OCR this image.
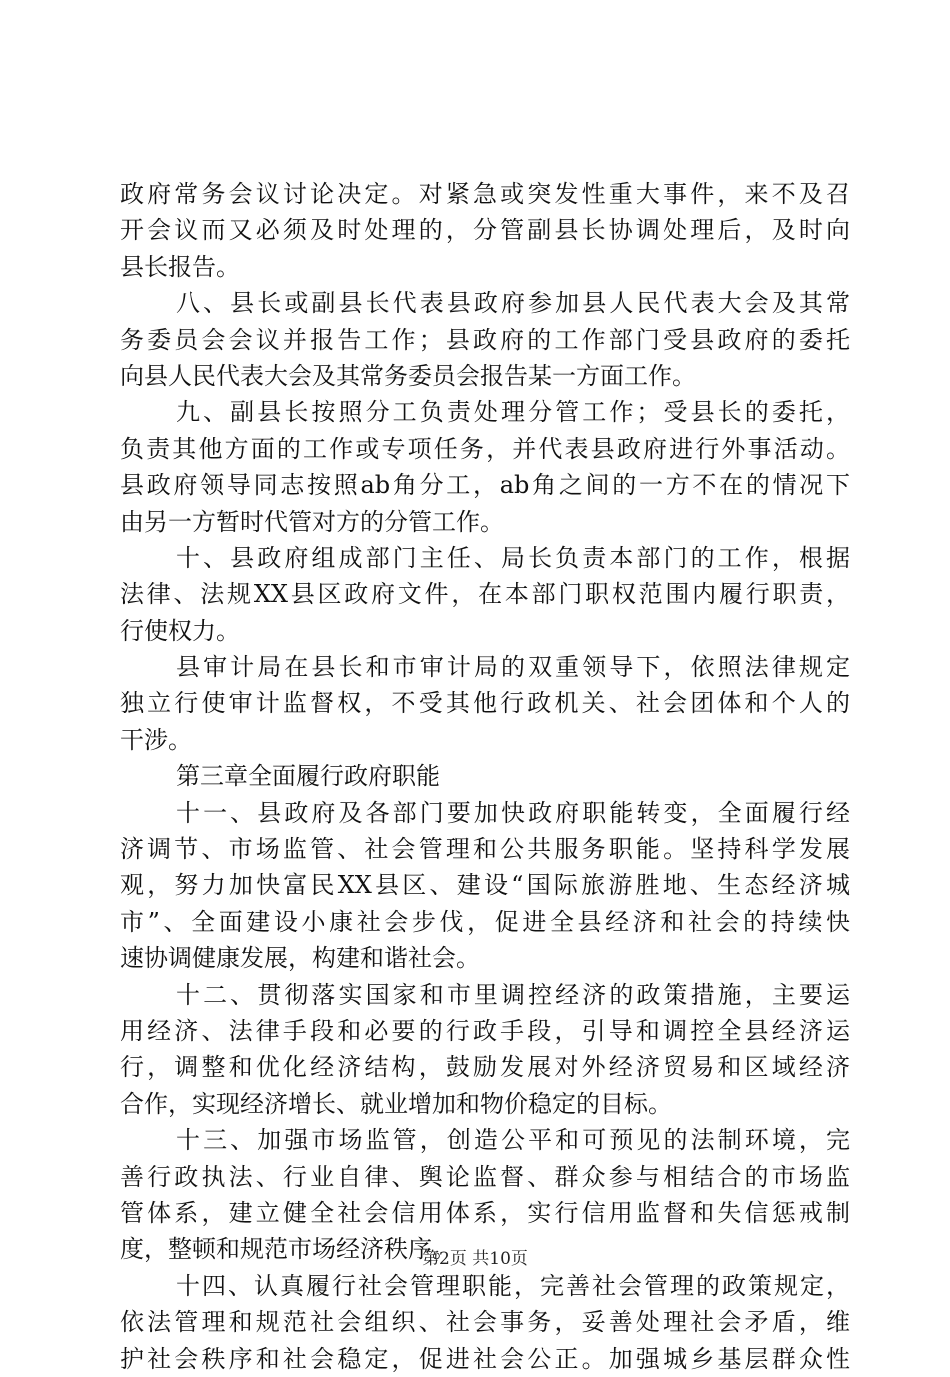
政府常务会议讨论决定。对紧急或突发性重大事件，来不及召
开会议而又必须及时处理的，分管副县长协调处理后，及时向
县长报告。
八、县长或副县长代表县政府参加县人民代表大会及其常
务委员会会议并报告工作；县政府的工作部门受县政府的委托
向县人民代表大会及其常务委员会报告某一方面工作。
九、副县长按照分工负责处理分管工作；受县长的委托，
负责其他方面的工作或专项任务，并代表县政府进行外事活动。
县政府领导同志按照ab角分工，ab角之间的一方不在的情况下
由另一方暂时代管对方的分管工作。
十、县政府组成部门主任、局长负责本部门的工作，根据
法律、法规XX县区政府文件，在本部门职权范围内履行职责，
行使权力。
县审计局在县长和市审计局的双重领导下，依照法律规定
独立行使审计监督权，不受其他行政机关、社会团体和个人的
干涉。
第三章全面履行政府职能
十一、县政府及各部门要加快政府职能转变，全面履行经
济调节、市场监管、社会管理和公共服务职能。坚持科学发展
观，努力加快富民XX县区、建设“国际旅游胜地、生态经济城
市”、全面建设小康社会步伐，促进全县经济和社会的持续快
速协调健康发展，构建和谐社会。
十二、贯彻落实国家和市里调控经济的政策措施，主要运
用经济、法律手段和必要的行政手段，引导和调控全县经济运
行，调整和优化经济结构，鼓励发展对外经济贸易和区域经济
合作，实现经济增长、就业增加和物价稳定的目标。
十三、加强市场监管，创造公平和可预见的法制环境，完
善行政执法、行业自律、舆论监督、群众参与相结合的市场监
管体系，建立健全社会信用体系，实行信用监督和失信惩戒制
度，整顿和规范市场经济秩序。
十四、认真履行社会管理职能，完善社会管理的政策规定，
依法管理和规范社会组织、社会事务，妥善处理社会矛盾，维
护社会秩序和社会稳定，促进社会公正。加强城乡基层群众性
第2页 共10页
